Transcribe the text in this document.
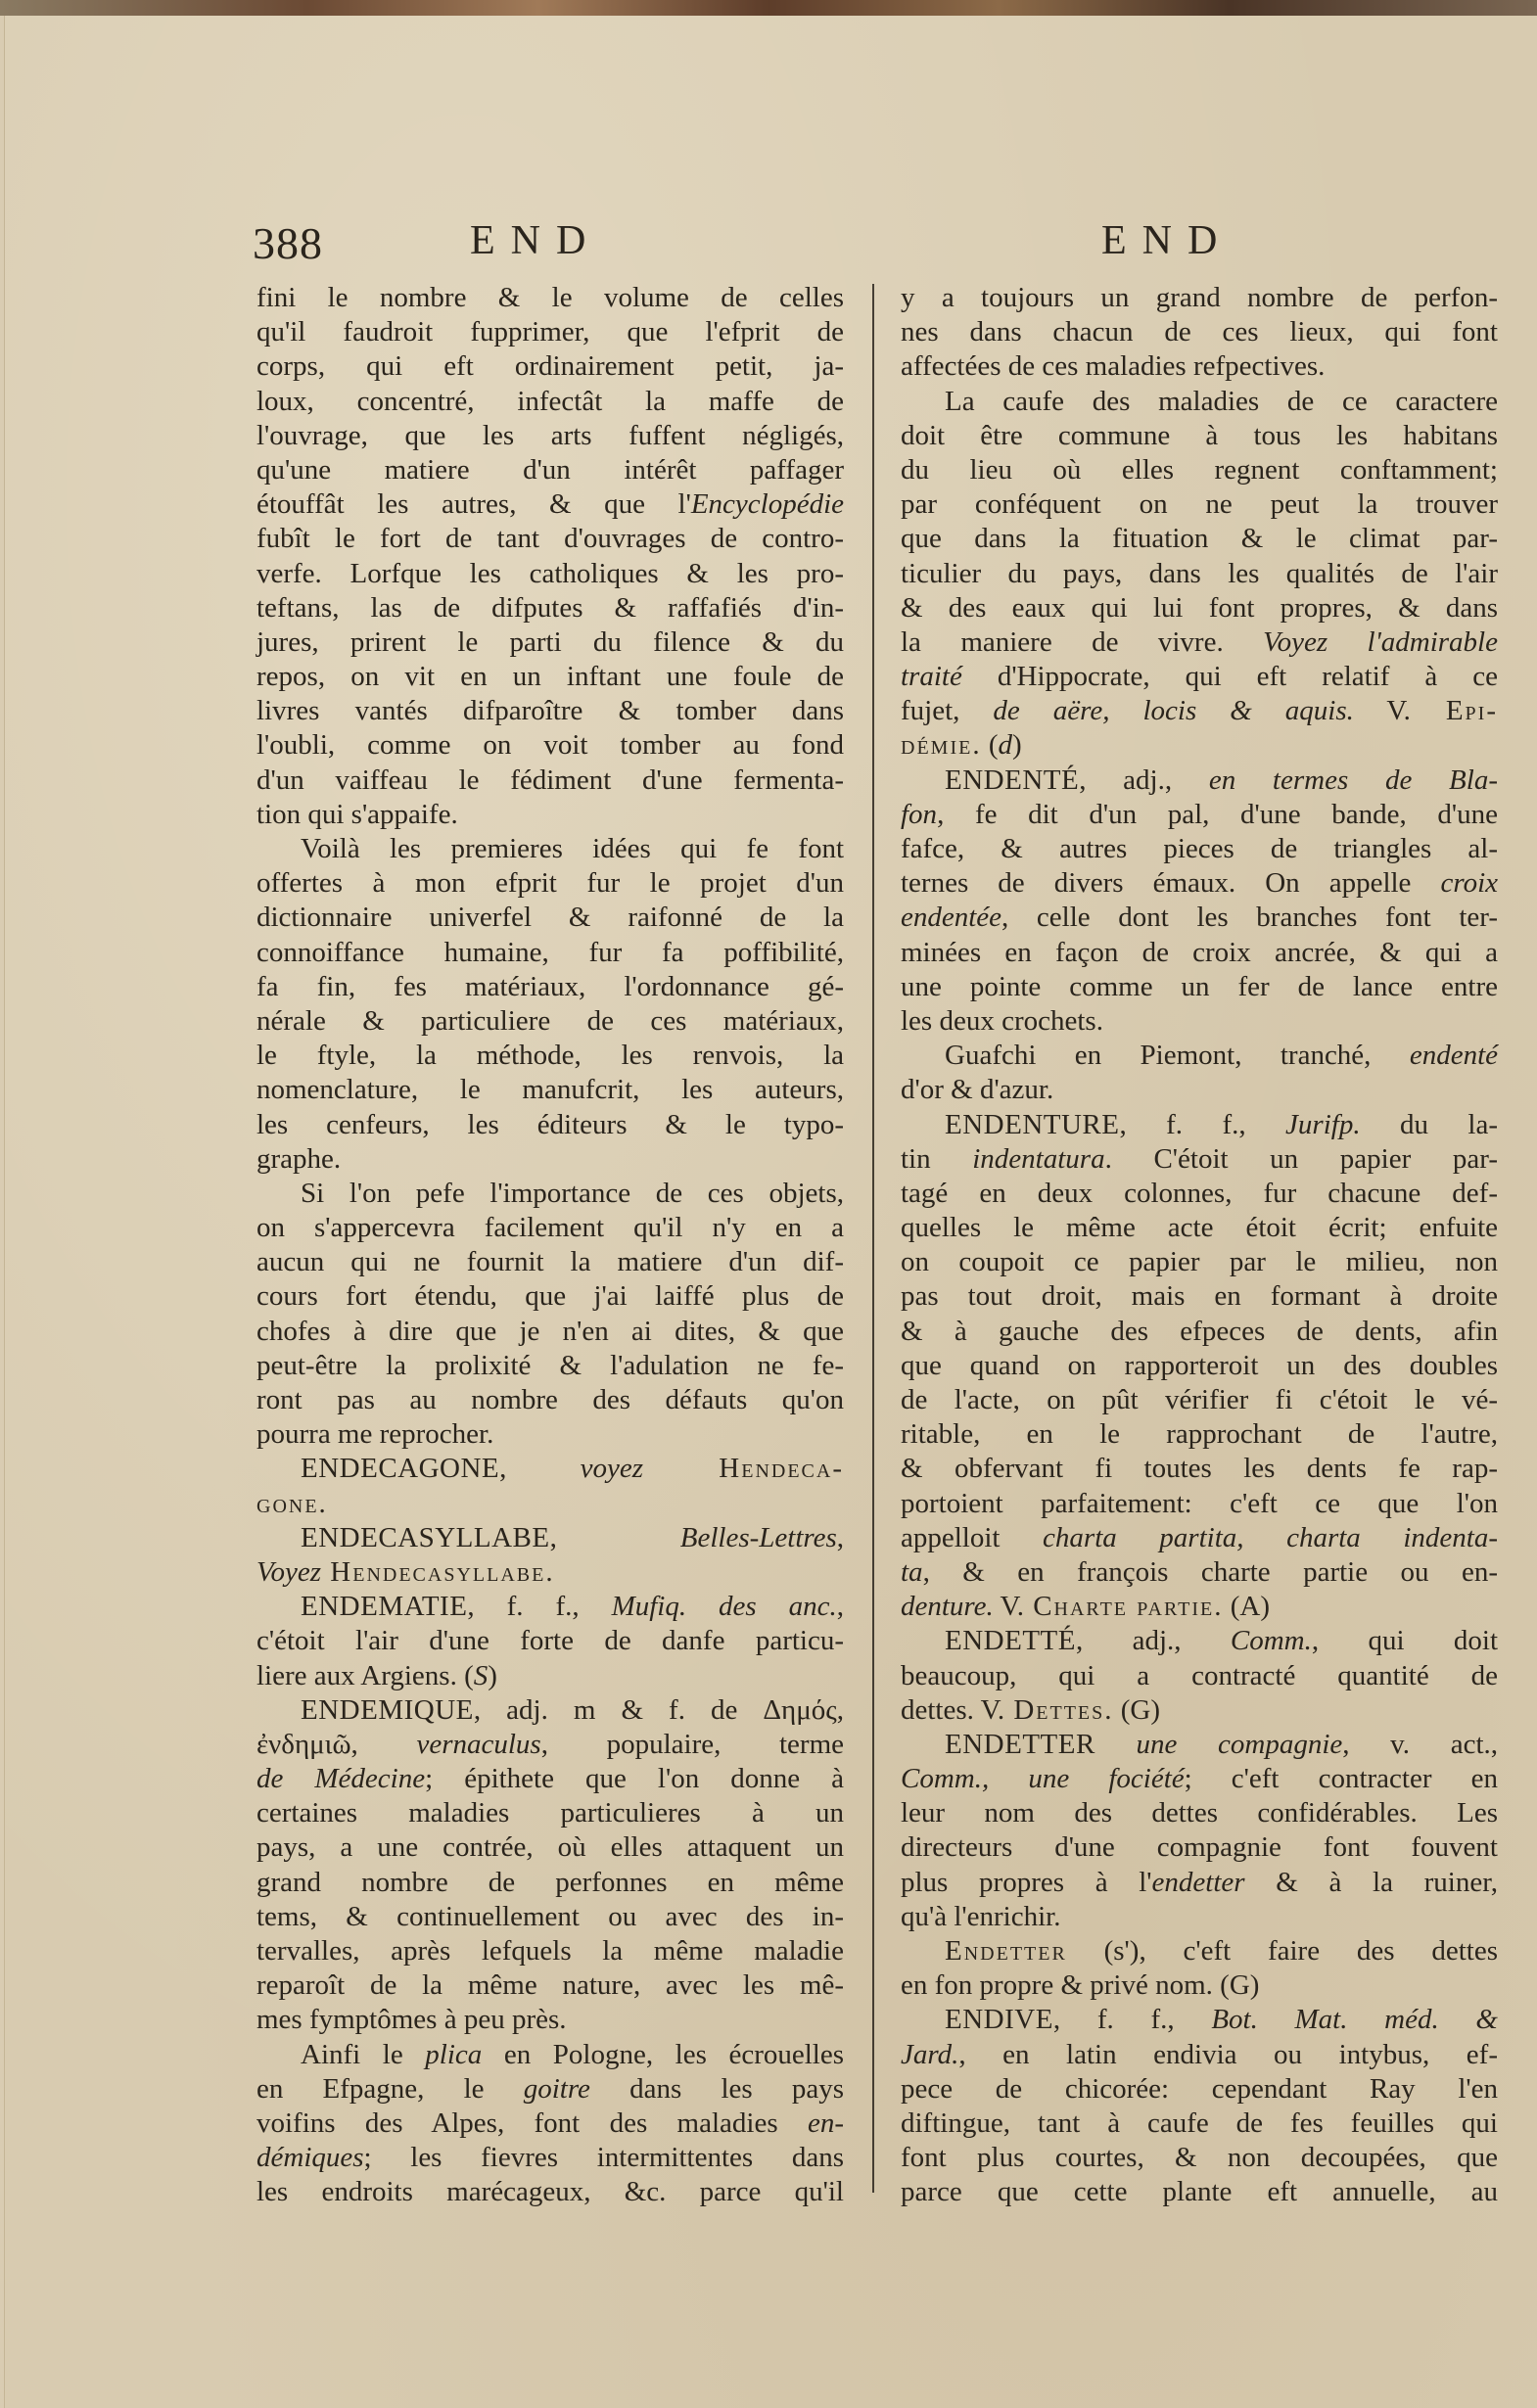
388	END	END
fini le nombre & le volume de celles
qu'il faudroit fupprimer, que l'efprit de
corps, qui eft ordinairement petit, ja-
loux, concentré, infectât la maffe de
l'ouvrage, que les arts fuffent négligés,
qu'une matiere d'un intérêt paffager
étouffât les autres, & que l'Encyclopédie
fubît le fort de tant d'ouvrages de contro-
verfe. Lorfque les catholiques & les pro-
teftans, las de difputes & raffafiés d'in-
jures, prirent le parti du filence & du
repos, on vit en un inftant une foule de
livres vantés difparoître & tomber dans
l'oubli, comme on voit tomber au fond
d'un vaiffeau le fédiment d'une fermenta-
tion qui s'appaife.
Voilà les premieres idées qui fe font
offertes à mon efprit fur le projet d'un
dictionnaire univerfel & raifonné de la
connoiffance humaine, fur fa poffibilité,
fa fin, fes matériaux, l'ordonnance gé-
nérale & particuliere de ces matériaux,
le ftyle, la méthode, les renvois, la
nomenclature, le manufcrit, les auteurs,
les cenfeurs, les éditeurs & le typo-
graphe.
Si l'on pefe l'importance de ces objets,
on s'appercevra facilement qu'il n'y en a
aucun qui ne fournit la matiere d'un dif-
cours fort étendu, que j'ai laiffé plus de
chofes à dire que je n'en ai dites, & que
peut-être la prolixité & l'adulation ne fe-
ront pas au nombre des défauts qu'on
pourra me reprocher.
ENDECAGONE, voyez Hendeca-
gone.
ENDECASYLLABE, Belles-Lettres,
Voyez Hendecasyllabe.
ENDEMATIE, f. f., Mufiq. des anc.,
c'étoit l'air d'une forte de danfe particu-
liere aux Argiens. (S)
ENDEMIQUE, adj. m & f. de Δημός,
ἐνδημιῶ, vernaculus, populaire, terme
de Médecine; épithete que l'on donne à
certaines maladies particulieres à un
pays, a une contrée, où elles attaquent un
grand nombre de perfonnes en même
tems, & continuellement ou avec des in-
tervalles, après lefquels la même maladie
reparoît de la même nature, avec les mê-
mes fymptômes à peu près.
Ainfi le plica en Pologne, les écrouelles
en Efpagne, le goitre dans les pays
voifins des Alpes, font des maladies en-
démiques; les fievres intermittentes dans
les endroits marécageux, &c. parce qu'il
y a toujours un grand nombre de perfon-
nes dans chacun de ces lieux, qui font
affectées de ces maladies refpectives.
La caufe des maladies de ce caractere
doit être commune à tous les habitans
du lieu où elles regnent conftamment;
par conféquent on ne peut la trouver
que dans la fituation & le climat par-
ticulier du pays, dans les qualités de l'air
& des eaux qui lui font propres, & dans
la maniere de vivre. Voyez l'admirable
traité d'Hippocrate, qui eft relatif à ce
fujet, de aëre, locis & aquis. V. Epi-
démie. (d)
ENDENTÉ, adj., en termes de Bla-
fon, fe dit d'un pal, d'une bande, d'une
fafce, & autres pieces de triangles al-
ternes de divers émaux. On appelle croix
endentée, celle dont les branches font ter-
minées en façon de croix ancrée, & qui a
une pointe comme un fer de lance entre
les deux crochets.
Guafchi en Piemont, tranché, endenté
d'or & d'azur.
ENDENTURE, f. f., Jurifp. du la-
tin indentatura. C'étoit un papier par-
tagé en deux colonnes, fur chacune def-
quelles le même acte étoit écrit; enfuite
on coupoit ce papier par le milieu, non
pas tout droit, mais en formant à droite
& à gauche des efpeces de dents, afin
que quand on rapporteroit un des doubles
de l'acte, on pût vérifier fi c'étoit le vé-
ritable, en le rapprochant de l'autre,
& obfervant fi toutes les dents fe rap-
portoient parfaitement: c'eft ce que l'on
appelloit charta partita, charta indenta-
ta, & en françois charte partie ou en-
denture. V. Charte partie. (A)
ENDETTÉ, adj., Comm., qui doit
beaucoup, qui a contracté quantité de
dettes. V. Dettes. (G)
ENDETTER une compagnie, v. act.,
Comm., une fociété; c'eft contracter en
leur nom des dettes confidérables. Les
directeurs d'une compagnie font fouvent
plus propres à l'endetter & à la ruiner,
qu'à l'enrichir.
Endetter (s'), c'eft faire des dettes
en fon propre & privé nom. (G)
ENDIVE, f. f., Bot. Mat. méd. &
Jard., en latin endivia ou intybus, ef-
pece de chicorée: cependant Ray l'en
diftingue, tant à caufe de fes feuilles qui
font plus courtes, & non decoupées, que
parce que cette plante eft annuelle, au
